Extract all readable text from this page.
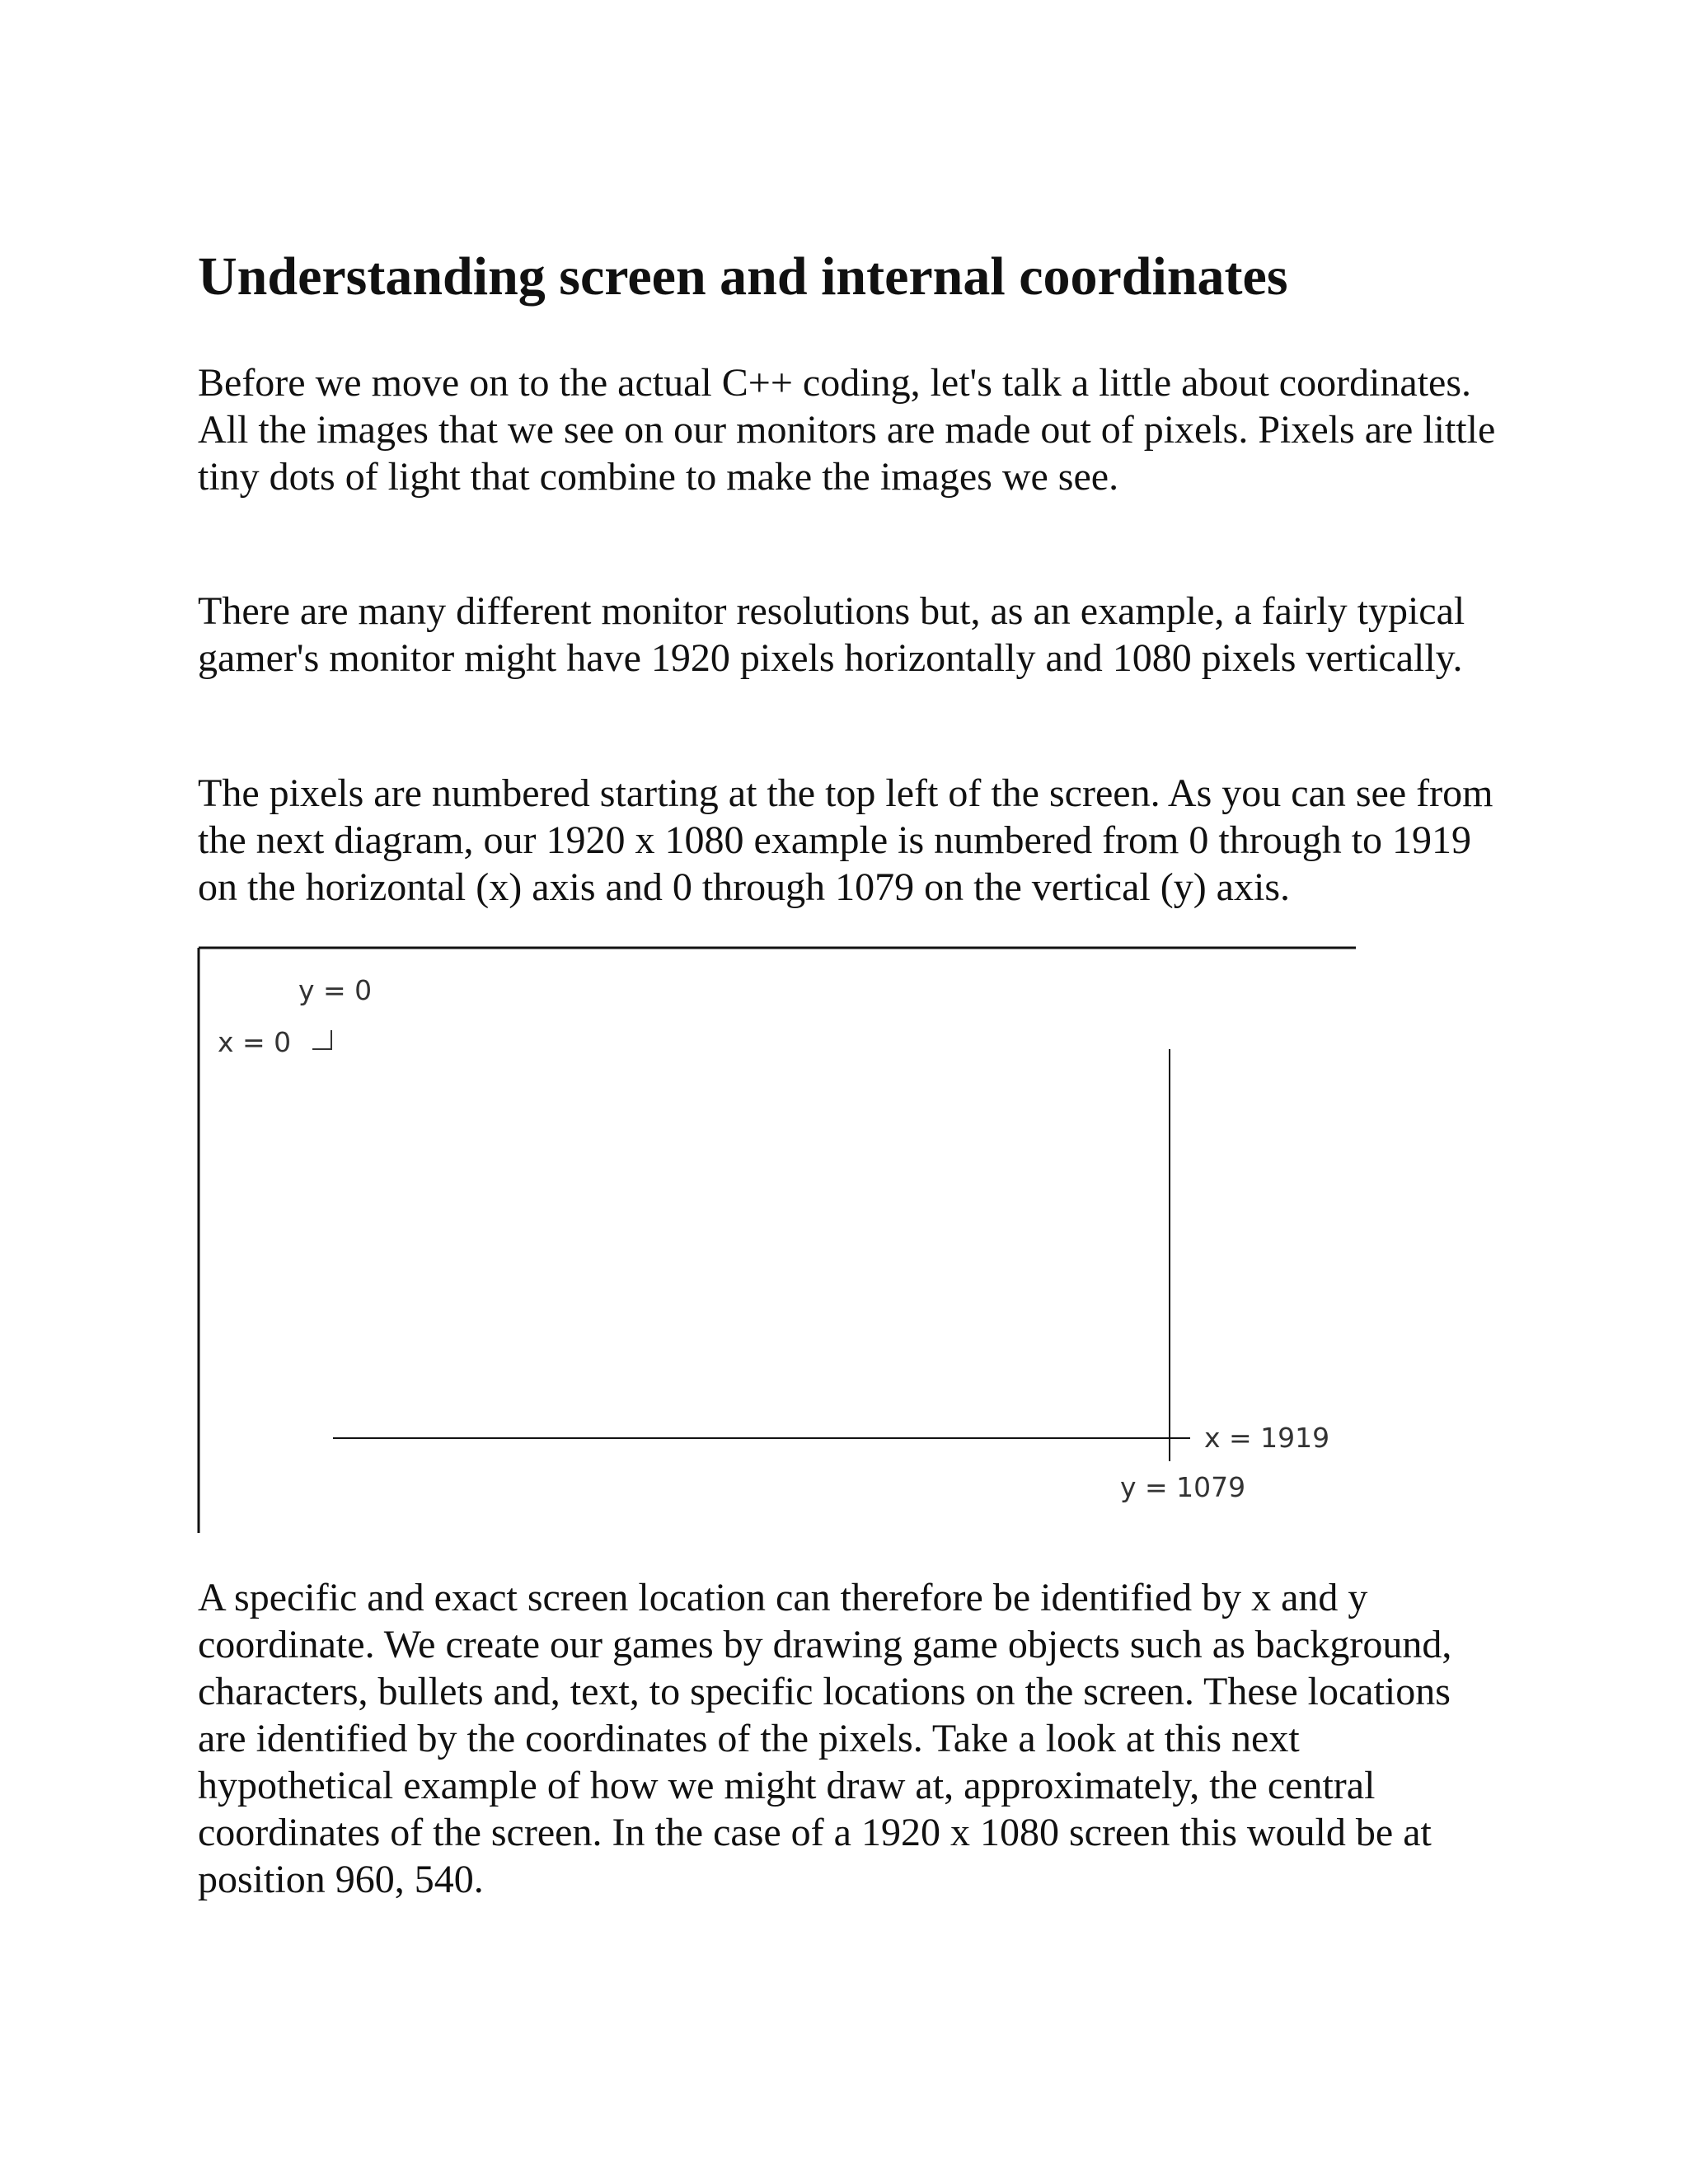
Understanding screen and internal coordinates

Before we move on to the actual C++ coding, let's talk a little about coordinates. All the images that we see on our monitors are made out of pixels. Pixels are little tiny dots of light that combine to make the images we see.

There are many different monitor resolutions but, as an example, a fairly typical gamer's monitor might have 1920 pixels horizontally and 1080 pixels vertically.

The pixels are numbered starting at the top left of the screen. As you can see from the next diagram, our 1920 x 1080 example is numbered from 0 through to 1919 on the horizontal (x) axis and 0 through 1079 on the vertical (y) axis.

A specific and exact screen location can therefore be identified by x and y coordinate. We create our games by drawing game objects such as background, characters, bullets and, text, to specific locations on the screen. These locations are identified by the coordinates of the pixels. Take a look at this next hypothetical example of how we might draw at, approximately, the central coordinates of the screen. In the case of a 1920 x 1080 screen this would be at position 960, 540.

y = 0
x = 0
x = 1919
y = 1079
